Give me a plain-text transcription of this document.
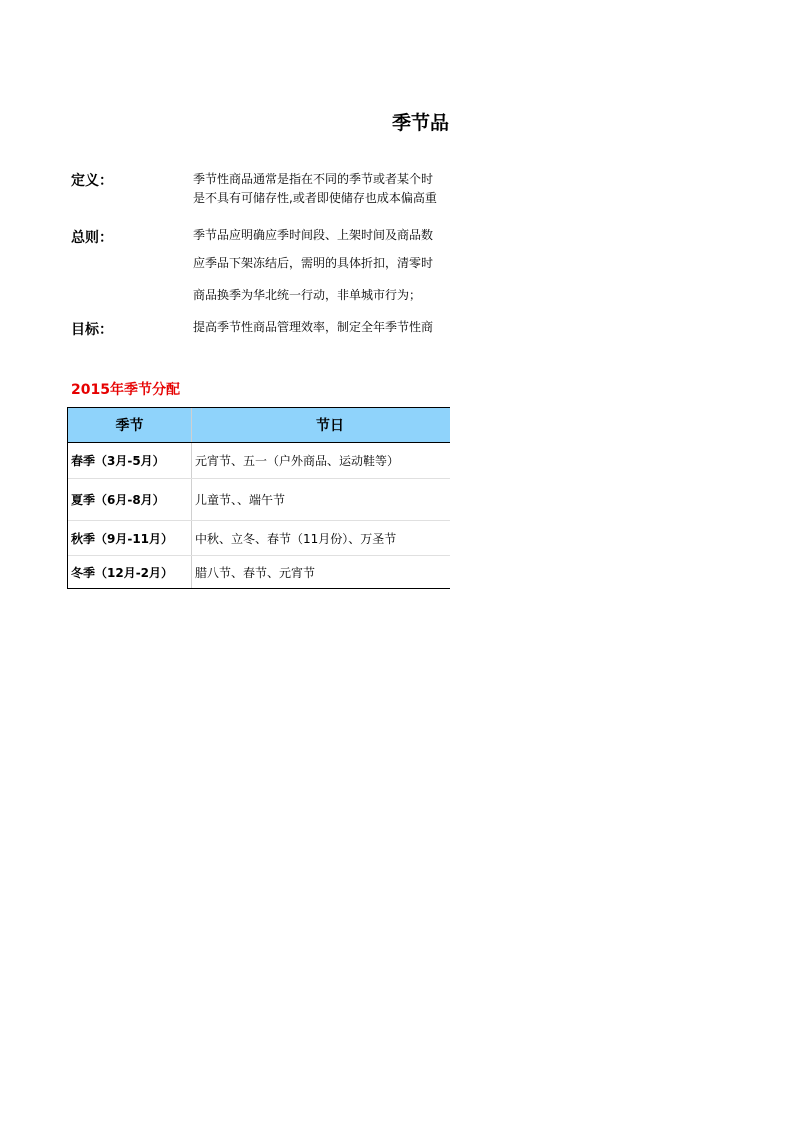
季节品
定义：	季节性商品通常是指在不同的季节或者某个时
是不具有可储存性,或者即使储存也成本偏高重
总则：	季节品应明确应季时间段、上架时间及商品数
应季品下架冻结后，需明的具体折扣，清零时
商品换季为华北统一行动，非单城市行为；
目标：	提高季节性商品管理效率，制定全年季节性商
2015年季节分配
季节	节日
春季（3月-5月）	元宵节、五一（户外商品、运动鞋等）
夏季（6月-8月）	儿童节、、端午节
秋季（9月-11月）	中秋、立冬、春节（11月份）、万圣节
冬季（12月-2月）	腊八节、春节、元宵节
